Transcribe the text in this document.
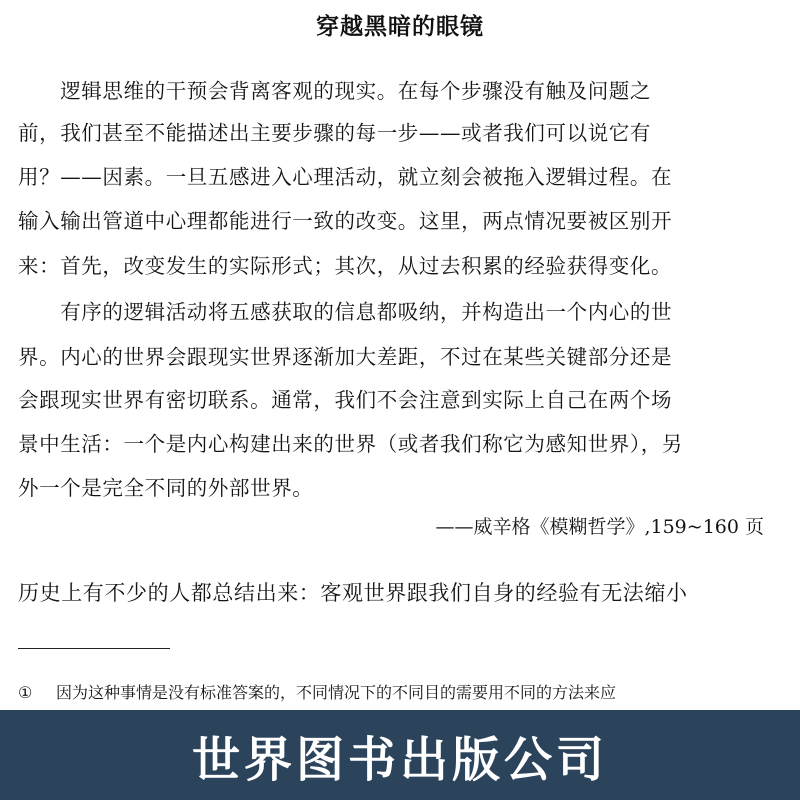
穿越黑暗的眼镜
　　逻辑思维的干预会背离客观的现实。在每个步骤没有触及问题之
前，我们甚至不能描述出主要步骤的每一步——或者我们可以说它有
用？——因素。一旦五感进入心理活动，就立刻会被拖入逻辑过程。在
输入输出管道中心理都能进行一致的改变。这里，两点情况要被区别开
来：首先，改变发生的实际形式；其次，从过去积累的经验获得变化。
　　有序的逻辑活动将五感获取的信息都吸纳，并构造出一个内心的世
界。内心的世界会跟现实世界逐渐加大差距，不过在某些关键部分还是
会跟现实世界有密切联系。通常，我们不会注意到实际上自己在两个场
景中生活：一个是内心构建出来的世界（或者我们称它为感知世界），另
外一个是完全不同的外部世界。
——威辛格《模糊哲学》,159~160 页
历史上有不少的人都总结出来：客观世界跟我们自身的经验有无法缩小
① 因为这种事情是没有标准答案的，不同情况下的不同目的需要用不同的方法来应
世界图书出版公司
